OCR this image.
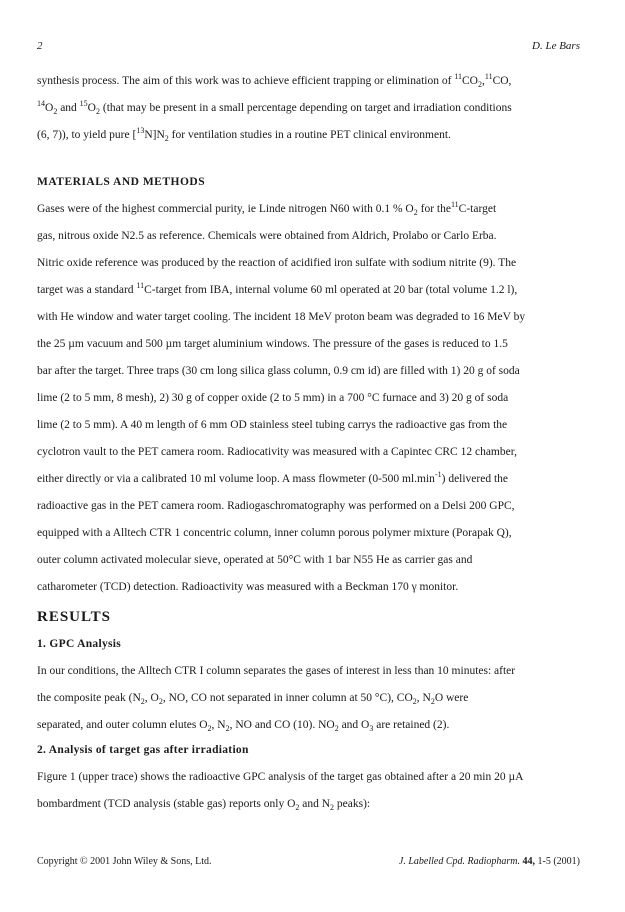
2	D. Le Bars
synthesis process. The aim of this work was to achieve efficient trapping or elimination of $^{11}CO_2,^{11}CO$,
$^{14}O_2$ and $^{15}O_2$ (that may be present in a small percentage depending on target and irradiation conditions
(6, 7)), to yield pure $[^{13}N]N_2$ for ventilation studies in a routine PET clinical environment.
MATERIALS AND METHODS
Gases were of the highest commercial purity, ie Linde nitrogen N60 with 0.1 % $O_2$ for the$^{11}$C-target
gas, nitrous oxide N2.5 as reference. Chemicals were obtained from Aldrich, Prolabo or Carlo Erba.
Nitric oxide reference was produced by the reaction of acidified iron sulfate with sodium nitrite (9). The
target was a standard $^{11}$C-target from IBA, internal volume 60 ml operated at 20 bar (total volume 1.2 l),
with He window and water target cooling. The incident 18 MeV proton beam was degraded to 16 MeV by
the 25 µm vacuum and 500 µm target aluminium windows. The pressure of the gases is reduced to 1.5
bar after the target. Three traps (30 cm long silica glass column, 0.9 cm id) are filled with 1) 20 g of soda
lime (2 to 5 mm, 8 mesh), 2) 30 g of copper oxide (2 to 5 mm) in a 700 °C furnace and 3) 20 g of soda
lime (2 to 5 mm). A 40 m length of 6 mm OD stainless steel tubing carrys the radioactive gas from the
cyclotron vault to the PET camera room. Radiocativity was measured with a Capintec CRC 12 chamber,
either directly or via a calibrated 10 ml volume loop. A mass flowmeter (0-500 $ml.\min^{-1}$) delivered the
radioactive gas in the PET camera room. Radiogaschromatography was performed on a Delsi 200 GPC,
equipped with a Alltech CTR 1 concentric column, inner column porous polymer mixture (Porapak Q),
outer column activated molecular sieve, operated at 50°C with 1 bar N55 He as carrier gas and
catharometer (TCD) detection. Radioactivity was measured with a Beckman 170 γ monitor.
RESULTS
1. GPC Analysis
In our conditions, the Alltech CTR I column separates the gases of interest in less than 10 minutes: after
the composite peak ($N_2$, $O_2$, NO, CO not separated in inner column at 50 °C), $CO_2$, $N_2O$ were
separated, and outer column elutes $O_2$, $N_2$, NO and CO (10). $NO_2$ and $O_3$ are retained (2).
2. Analysis of target gas after irradiation
Figure 1 (upper trace) shows the radioactive GPC analysis of the target gas obtained after a 20 min 20 µA
bombardment (TCD analysis (stable gas) reports only $O_2$ and $N_2$ peaks):
Copyright © 2001 John Wiley & Sons, Ltd.	J. Labelled Cpd. Radiopharm. 44, 1-5 (2001)
